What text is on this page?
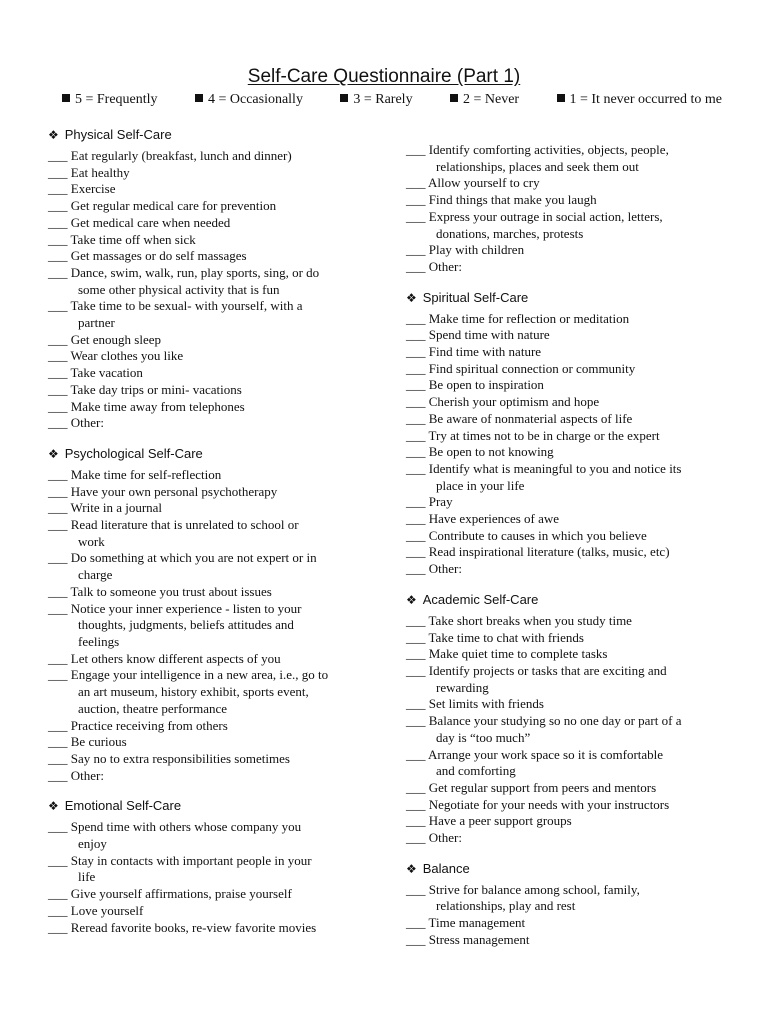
Self-Care Questionnaire (Part 1)
5 = Frequently	4 = Occasionally	3 = Rarely	2 = Never	1 = It never occurred to me
❖ Physical Self-Care
___ Eat regularly (breakfast, lunch and dinner)
___ Eat healthy
___ Exercise
___ Get regular medical care for prevention
___ Get medical care when needed
___ Take time off when sick
___ Get massages or do self massages
___ Dance, swim, walk, run, play sports, sing, or do
some other physical activity that is fun
___ Take time to be sexual- with yourself, with a
partner
___ Get enough sleep
___ Wear clothes you like
___ Take vacation
___ Take day trips or mini- vacations
___ Make time away from telephones
___ Other:
❖ Psychological Self-Care
___ Make time for self-reflection
___ Have your own personal psychotherapy
___ Write in a journal
___ Read literature that is unrelated to school or
work
___ Do something at which you are not expert or in
charge
___ Talk to someone you trust about issues
___ Notice your inner experience - listen to your
thoughts, judgments, beliefs attitudes and
feelings
___ Let others know different aspects of you
___ Engage your intelligence in a new area, i.e., go to
an art museum, history exhibit, sports event,
auction, theatre performance
___ Practice receiving from others
___ Be curious
___ Say no to extra responsibilities sometimes
___ Other:
❖ Emotional Self-Care
___ Spend time with others whose company you
enjoy
___ Stay in contacts with important people in your
life
___ Give yourself affirmations, praise yourself
___ Love yourself
___ Reread favorite books, re-view favorite movies
___ Identify comforting activities, objects, people,
relationships, places and seek them out
___ Allow yourself to cry
___ Find things that make you laugh
___ Express your outrage in social action, letters,
donations, marches, protests
___ Play with children
___ Other:
❖ Spiritual Self-Care
___ Make time for reflection or meditation
___ Spend time with nature
___ Find time with nature
___ Find spiritual connection or community
___ Be open to inspiration
___ Cherish your optimism and hope
___ Be aware of nonmaterial aspects of life
___ Try at times not to be in charge or the expert
___ Be open to not knowing
___ Identify what is meaningful to you and notice its
place in your life
___ Pray
___ Have experiences of awe
___ Contribute to causes in which you believe
___ Read inspirational literature (talks, music, etc)
___ Other:
❖ Academic Self-Care
___ Take short breaks when you study time
___ Take time to chat with friends
___ Make quiet time to complete tasks
___ Identify projects or tasks that are exciting and
rewarding
___ Set limits with friends
___ Balance your studying so no one day or part of a
day is “too much”
___ Arrange your work space so it is comfortable
and comforting
___ Get regular support from peers and mentors
___ Negotiate for your needs with your instructors
___ Have a peer support groups
___ Other:
❖ Balance
___ Strive for balance among school, family,
relationships, play and rest
___ Time management
___ Stress management
